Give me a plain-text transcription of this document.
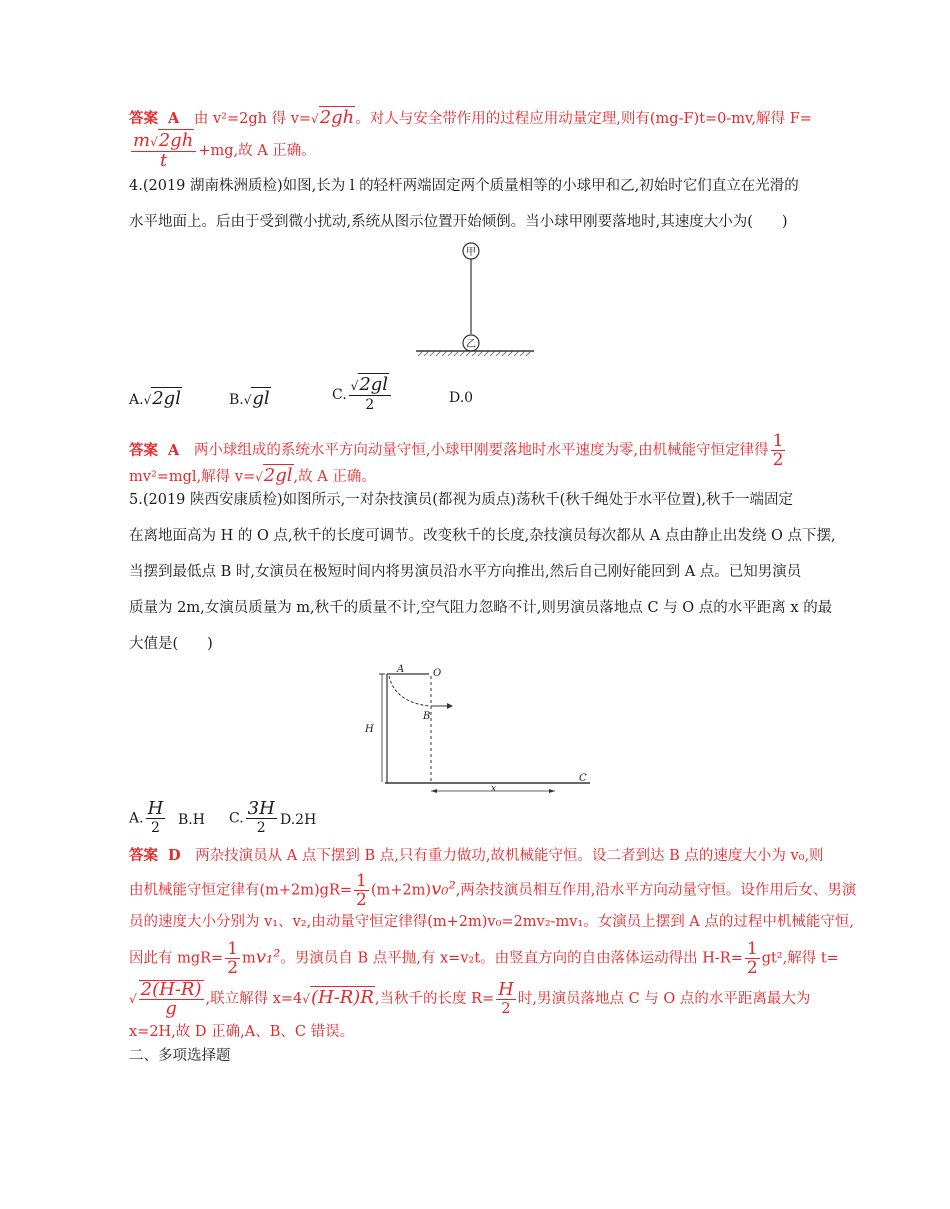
答案 A 由 v²=2gh 得 v=√2gh。对人与安全带作用的过程应用动量定理,则有(mg-F)t=0-mv,解得 F=
$\frac{m√2gh}{t} +mg$,故 A 正确。
4.(2019 湖南株洲质检)如图,长为 l 的轻杆两端固定两个质量相等的小球甲和乙,初始时它们直立在光滑的
水平地面上。后由于受到微小扰动,系统从图示位置开始倾倒。当小球甲刚要落地时,其速度大小为(　　)
甲
乙
A.√2gl	B.√gl	C. $\frac{√2gl}{2}$	D.0
答案 A 两小球组成的系统水平方向动量守恒,小球甲刚要落地时水平速度为零,由机械能守恒定律得 $\frac{1}{2}$
mv²=mgl,解得 v=√2gl,故 A 正确。
5.(2019 陕西安康质检)如图所示,一对杂技演员(都视为质点)荡秋千(秋千绳处于水平位置),秋千一端固定
在离地面高为 H 的 O 点,秋千的长度可调节。改变秋千的长度,杂技演员每次都从 A 点由静止出发绕 O 点下摆,
当摆到最低点 B 时,女演员在极短时间内将男演员沿水平方向推出,然后自己刚好能回到 A 点。已知男演员
质量为 2m,女演员质量为 m,秋千的质量不计,空气阻力忽略不计,则男演员落地点 C 与 O 点的水平距离 x 的最
大值是(　　)
A	O
B
H
C
x
A. $\frac{H}{2} B.H$ C. $\frac{3H}{2} D.2H$
答案 D 两杂技演员从 A 点下摆到 B 点,只有重力做功,故机械能守恒。设二者到达 B 点的速度大小为 v₀,则
由机械能守恒定律有$(m+2m)gR= \frac{1}{2} (m+2m)v_0^2$,两杂技演员相互作用,沿水平方向动量守恒。设作用后女、男演
员的速度大小分别为 v₁、v₂,由动量守恒定律得(m+2m)v₀=2mv₂-mv₁。女演员上摆到 A 点的过程中机械能守恒,
因此有 $mgR= \frac{1}{2} mv_1^2$。男演员自 B 点平抛,有 x=v₂t。由竖直方向的自由落体运动得出 $H-R= \frac{1}{2} gt^2$,解得 t=
√ $\frac{2(H-R)}{g}$ ,联立解得 x=4√(H-R)R,当秋千的长度 $R= \frac{H}{2}$ 时,男演员落地点 C 与 O 点的水平距离最大为
x=2H,故 D 正确,A、B、C 错误。
二、多项选择题
